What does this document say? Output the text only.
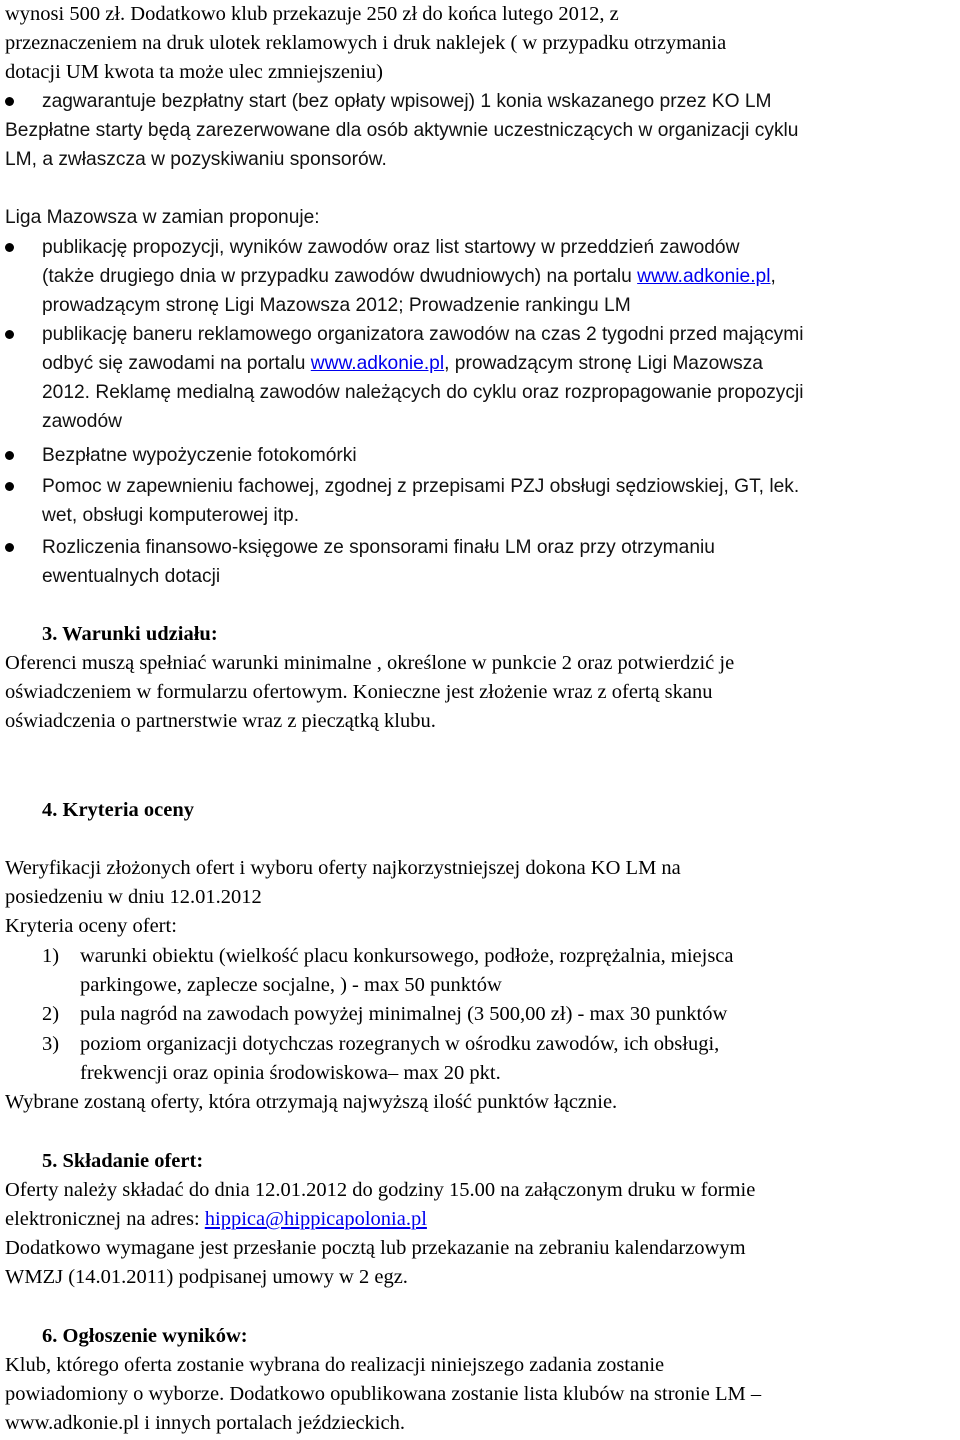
wynosi 500 zł. Dodatkowo klub przekazuje 250 zł do końca lutego 2012, z
przeznaczeniem na druk ulotek reklamowych i druk naklejek ( w przypadku otrzymania
dotacji UM kwota ta może ulec zmniejszeniu)
zagwarantuje bezpłatny start (bez opłaty wpisowej) 1 konia wskazanego przez KO LM
Bezpłatne starty będą zarezerwowane dla osób aktywnie uczestniczących w organizacji cyklu
LM, a zwłaszcza w pozyskiwaniu sponsorów.
Liga Mazowsza w zamian proponuje:
publikację propozycji, wyników zawodów oraz list startowy w przeddzień zawodów
(także drugiego dnia w przypadku zawodów dwudniowych) na portalu www.adkonie.pl,
prowadzącym stronę Ligi Mazowsza 2012; Prowadzenie rankingu LM
publikację baneru reklamowego organizatora zawodów na czas 2 tygodni przed mającymi
odbyć się zawodami na portalu www.adkonie.pl, prowadzącym stronę Ligi Mazowsza
2012. Reklamę medialną zawodów należących do cyklu oraz rozpropagowanie propozycji
zawodów
Bezpłatne wypożyczenie fotokomórki
Pomoc w zapewnieniu fachowej, zgodnej z przepisami PZJ obsługi sędziowskiej, GT, lek.
wet, obsługi komputerowej itp.
Rozliczenia finansowo-księgowe ze sponsorami finału LM oraz przy otrzymaniu
ewentualnych dotacji
3. Warunki udziału:
Oferenci muszą spełniać warunki minimalne , określone w punkcie 2 oraz potwierdzić je
oświadczeniem w formularzu ofertowym. Konieczne jest złożenie wraz z ofertą skanu
oświadczenia o partnerstwie wraz z pieczątką klubu.
4. Kryteria oceny
Weryfikacji złożonych ofert i wyboru oferty najkorzystniejszej dokona KO LM na
posiedzeniu w dniu 12.01.2012
Kryteria oceny ofert:
1) warunki obiektu (wielkość placu konkursowego, podłoże, rozprężalnia, miejsca
parkingowe, zaplecze socjalne, ) - max 50 punktów
2) pula nagród na zawodach powyżej minimalnej (3 500,00 zł) - max 30 punktów
3) poziom organizacji dotychczas rozegranych w ośrodku zawodów, ich obsługi,
frekwencji oraz opinia środowiskowa– max 20 pkt.
Wybrane zostaną oferty, która otrzymają najwyższą ilość punktów łącznie.
5. Składanie ofert:
Oferty należy składać do dnia 12.01.2012 do godziny 15.00 na załączonym druku w formie
elektronicznej na adres: hippica@hippicapolonia.pl
Dodatkowo wymagane jest przesłanie pocztą lub przekazanie na zebraniu kalendarzowym
WMZJ (14.01.2011) podpisanej umowy w 2 egz.
6. Ogłoszenie wyników:
Klub, którego oferta zostanie wybrana do realizacji niniejszego zadania zostanie
powiadomiony o wyborze. Dodatkowo opublikowana zostanie lista klubów na stronie LM –
www.adkonie.pl i innych portalach jeździeckich.
